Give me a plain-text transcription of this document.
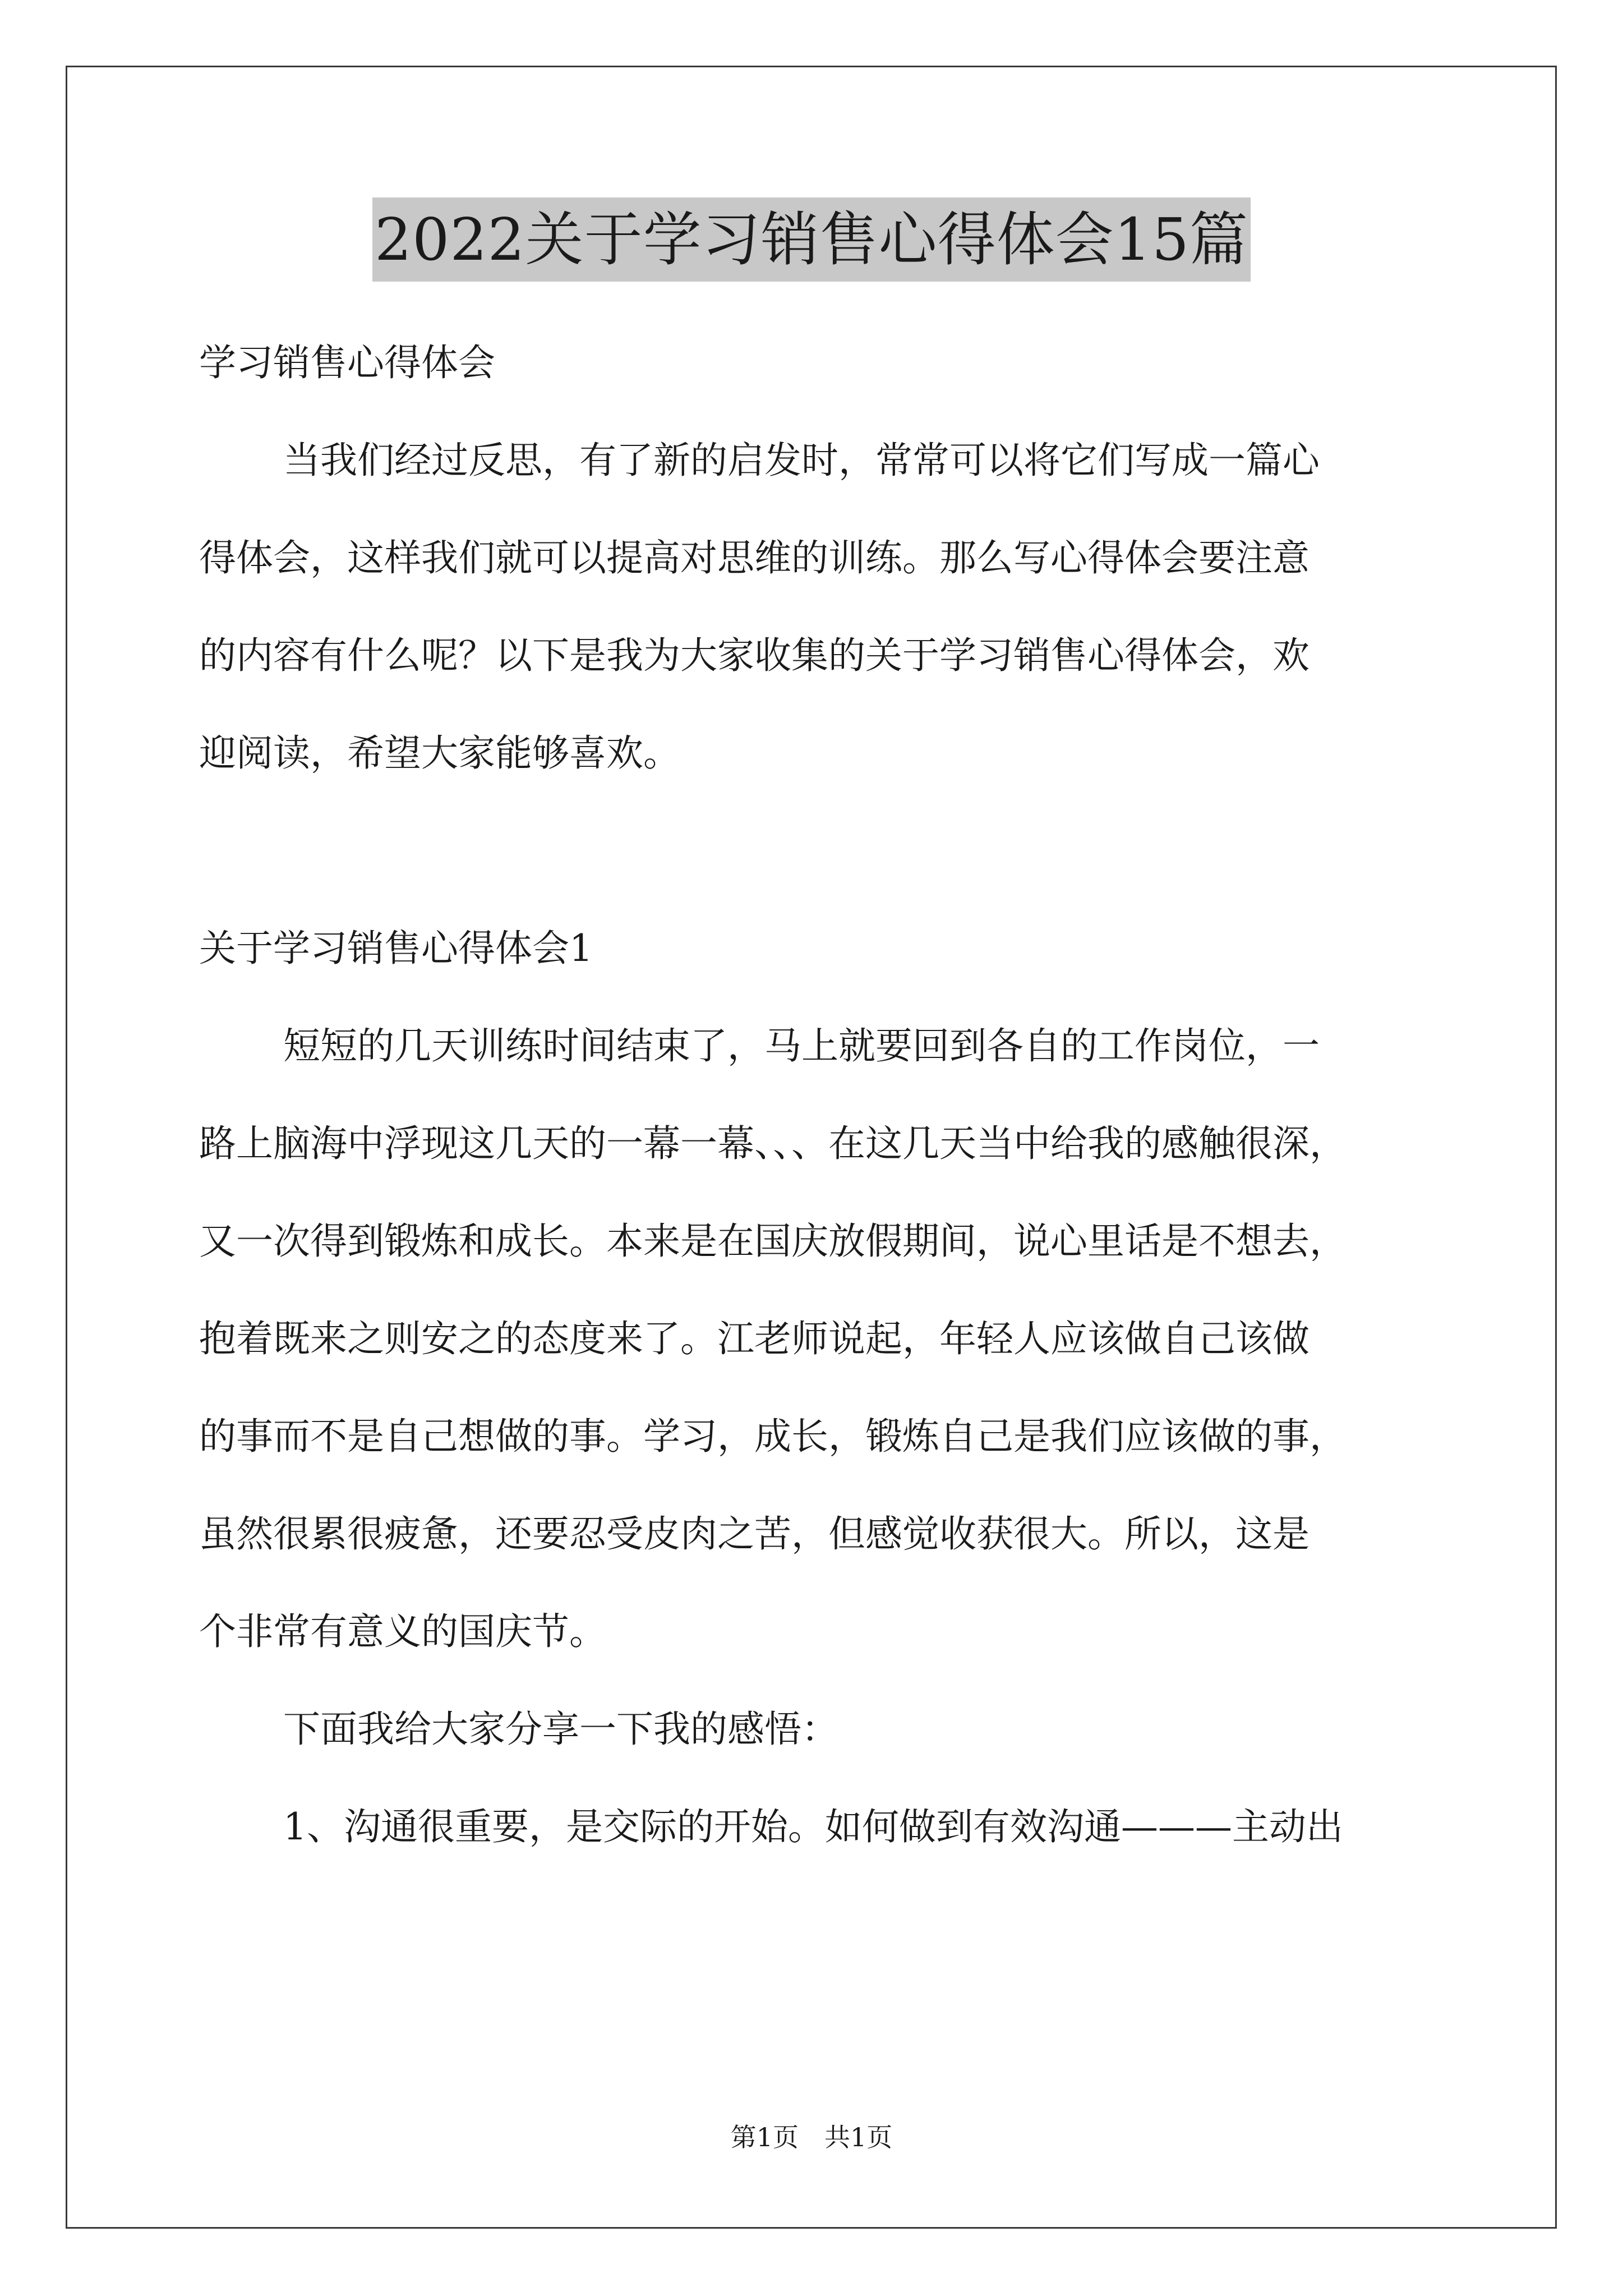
2022关于学习销售心得体会15篇
学习销售心得体会
当我们经过反思，有了新的启发时，常常可以将它们写成一篇心
得体会，这样我们就可以提高对思维的训练。那么写心得体会要注意
的内容有什么呢？以下是我为大家收集的关于学习销售心得体会，欢
迎阅读，希望大家能够喜欢。
关于学习销售心得体会1
短短的几天训练时间结束了，马上就要回到各自的工作岗位，一
路上脑海中浮现这几天的一幕一幕、、、在这几天当中给我的感触很深，
又一次得到锻炼和成长。本来是在国庆放假期间，说心里话是不想去，
抱着既来之则安之的态度来了。江老师说起，年轻人应该做自己该做
的事而不是自己想做的事。学习，成长，锻炼自己是我们应该做的事，
虽然很累很疲惫，还要忍受皮肉之苦，但感觉收获很大。所以，这是
个非常有意义的国庆节。
下面我给大家分享一下我的感悟：
1、沟通很重要，是交际的开始。如何做到有效沟通———主动出
第1页　共1页
